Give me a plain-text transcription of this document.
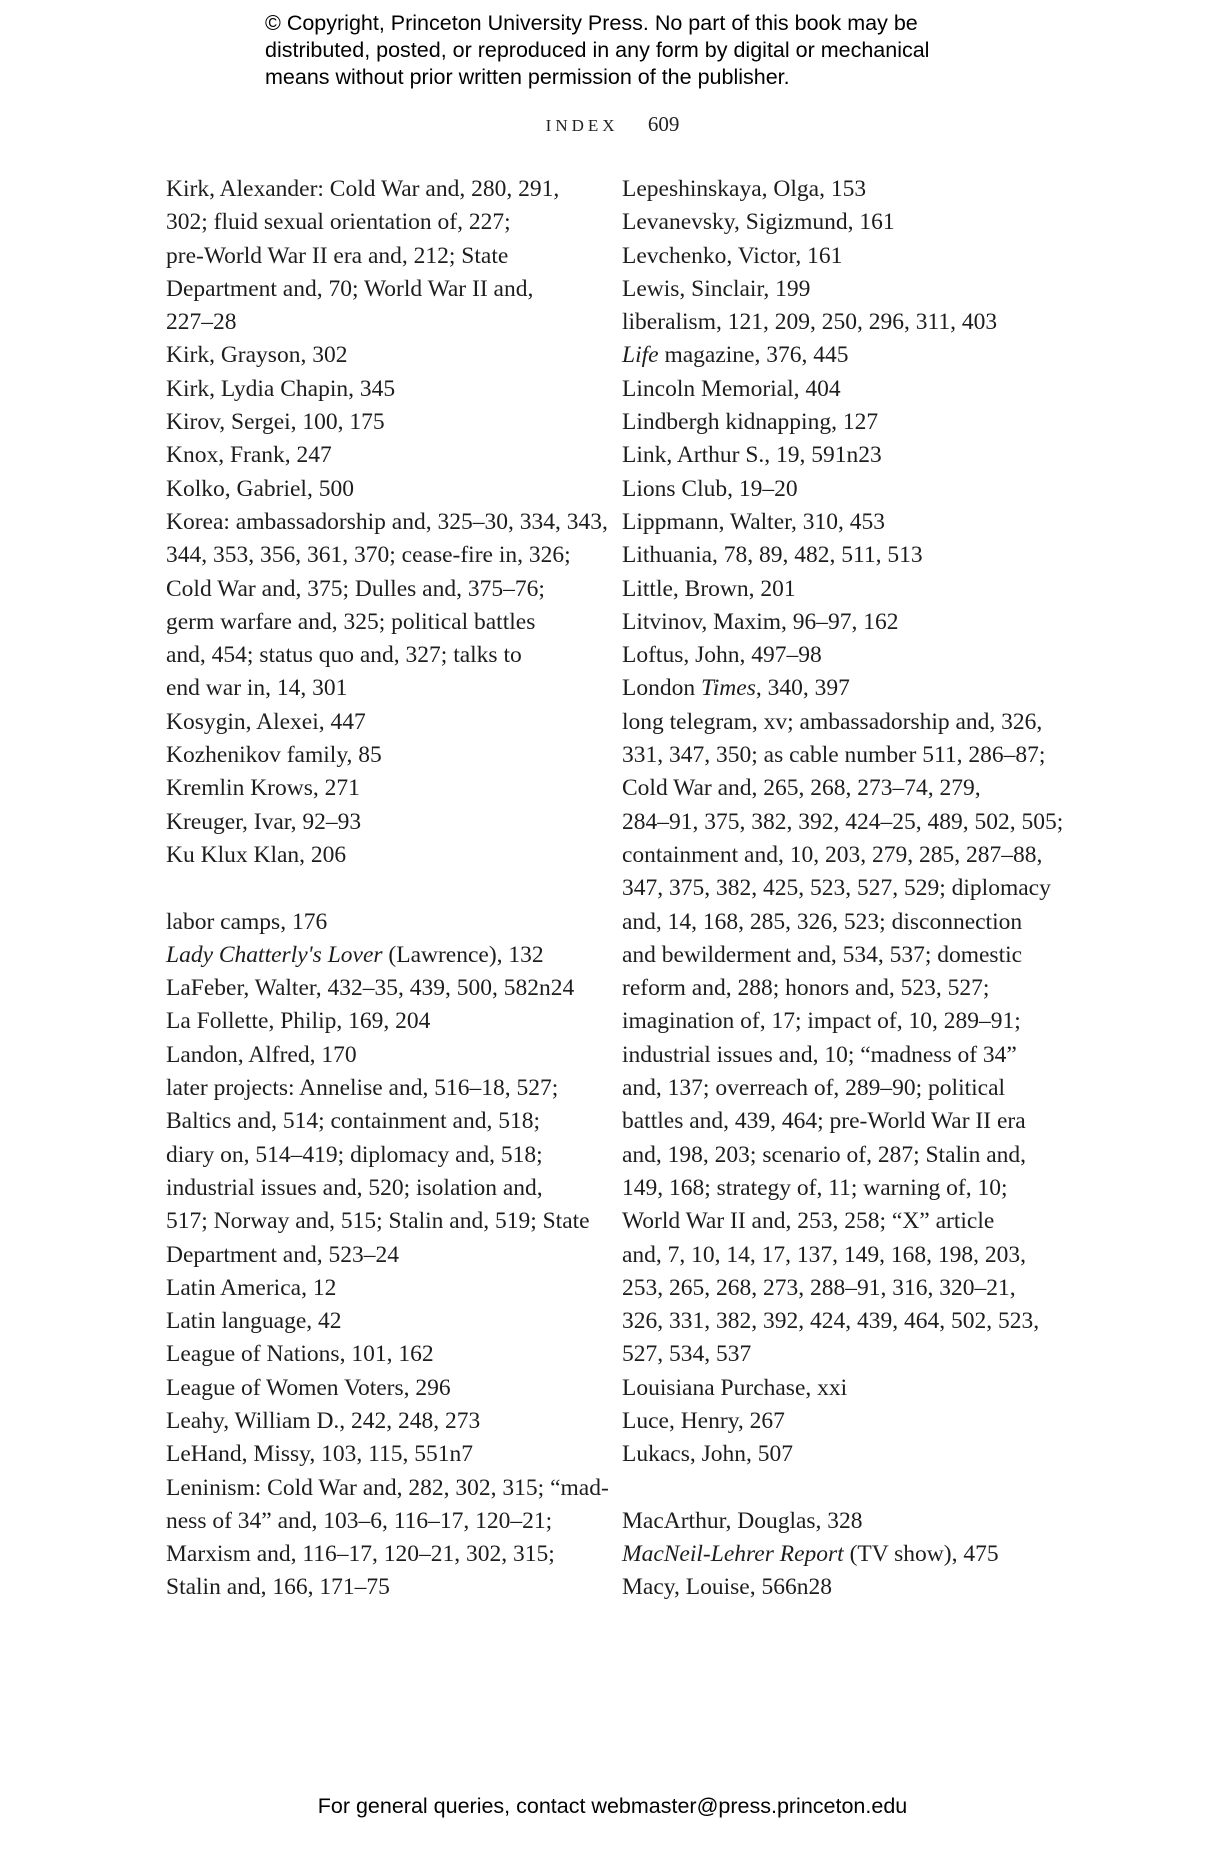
© Copyright, Princeton University Press. No part of this book may be
distributed, posted, or reproduced in any form by digital or mechanical
means without prior written permission of the publisher.
INDEX 609
Kirk, Alexander: Cold War and, 280, 291,
302; fluid sexual orientation of, 227;
pre-World War II era and, 212; State
Department and, 70; World War II and,
227–28
Kirk, Grayson, 302
Kirk, Lydia Chapin, 345
Kirov, Sergei, 100, 175
Knox, Frank, 247
Kolko, Gabriel, 500
Korea: ambassadorship and, 325–30, 334, 343,
344, 353, 356, 361, 370; cease-fire in, 326;
Cold War and, 375; Dulles and, 375–76;
germ warfare and, 325; political battles
and, 454; status quo and, 327; talks to
end war in, 14, 301
Kosygin, Alexei, 447
Kozhenikov family, 85
Kremlin Krows, 271
Kreuger, Ivar, 92–93
Ku Klux Klan, 206
labor camps, 176
Lady Chatterly's Lover (Lawrence), 132
LaFeber, Walter, 432–35, 439, 500, 582n24
La Follette, Philip, 169, 204
Landon, Alfred, 170
later projects: Annelise and, 516–18, 527;
Baltics and, 514; containment and, 518;
diary on, 514–419; diplomacy and, 518;
industrial issues and, 520; isolation and,
517; Norway and, 515; Stalin and, 519; State
Department and, 523–24
Latin America, 12
Latin language, 42
League of Nations, 101, 162
League of Women Voters, 296
Leahy, William D., 242, 248, 273
LeHand, Missy, 103, 115, 551n7
Leninism: Cold War and, 282, 302, 315; “mad-
ness of 34” and, 103–6, 116–17, 120–21;
Marxism and, 116–17, 120–21, 302, 315;
Stalin and, 166, 171–75
Lepeshinskaya, Olga, 153
Levanevsky, Sigizmund, 161
Levchenko, Victor, 161
Lewis, Sinclair, 199
liberalism, 121, 209, 250, 296, 311, 403
Life magazine, 376, 445
Lincoln Memorial, 404
Lindbergh kidnapping, 127
Link, Arthur S., 19, 591n23
Lions Club, 19–20
Lippmann, Walter, 310, 453
Lithuania, 78, 89, 482, 511, 513
Little, Brown, 201
Litvinov, Maxim, 96–97, 162
Loftus, John, 497–98
London Times, 340, 397
long telegram, xv; ambassadorship and, 326,
331, 347, 350; as cable number 511, 286–87;
Cold War and, 265, 268, 273–74, 279,
284–91, 375, 382, 392, 424–25, 489, 502, 505;
containment and, 10, 203, 279, 285, 287–88,
347, 375, 382, 425, 523, 527, 529; diplomacy
and, 14, 168, 285, 326, 523; disconnection
and bewilderment and, 534, 537; domestic
reform and, 288; honors and, 523, 527;
imagination of, 17; impact of, 10, 289–91;
industrial issues and, 10; “madness of 34”
and, 137; overreach of, 289–90; political
battles and, 439, 464; pre-World War II era
and, 198, 203; scenario of, 287; Stalin and,
149, 168; strategy of, 11; warning of, 10;
World War II and, 253, 258; “X” article
and, 7, 10, 14, 17, 137, 149, 168, 198, 203,
253, 265, 268, 273, 288–91, 316, 320–21,
326, 331, 382, 392, 424, 439, 464, 502, 523,
527, 534, 537
Louisiana Purchase, xxi
Luce, Henry, 267
Lukacs, John, 507
MacArthur, Douglas, 328
MacNeil-Lehrer Report (TV show), 475
Macy, Louise, 566n28
For general queries, contact webmaster@press.princeton.edu
